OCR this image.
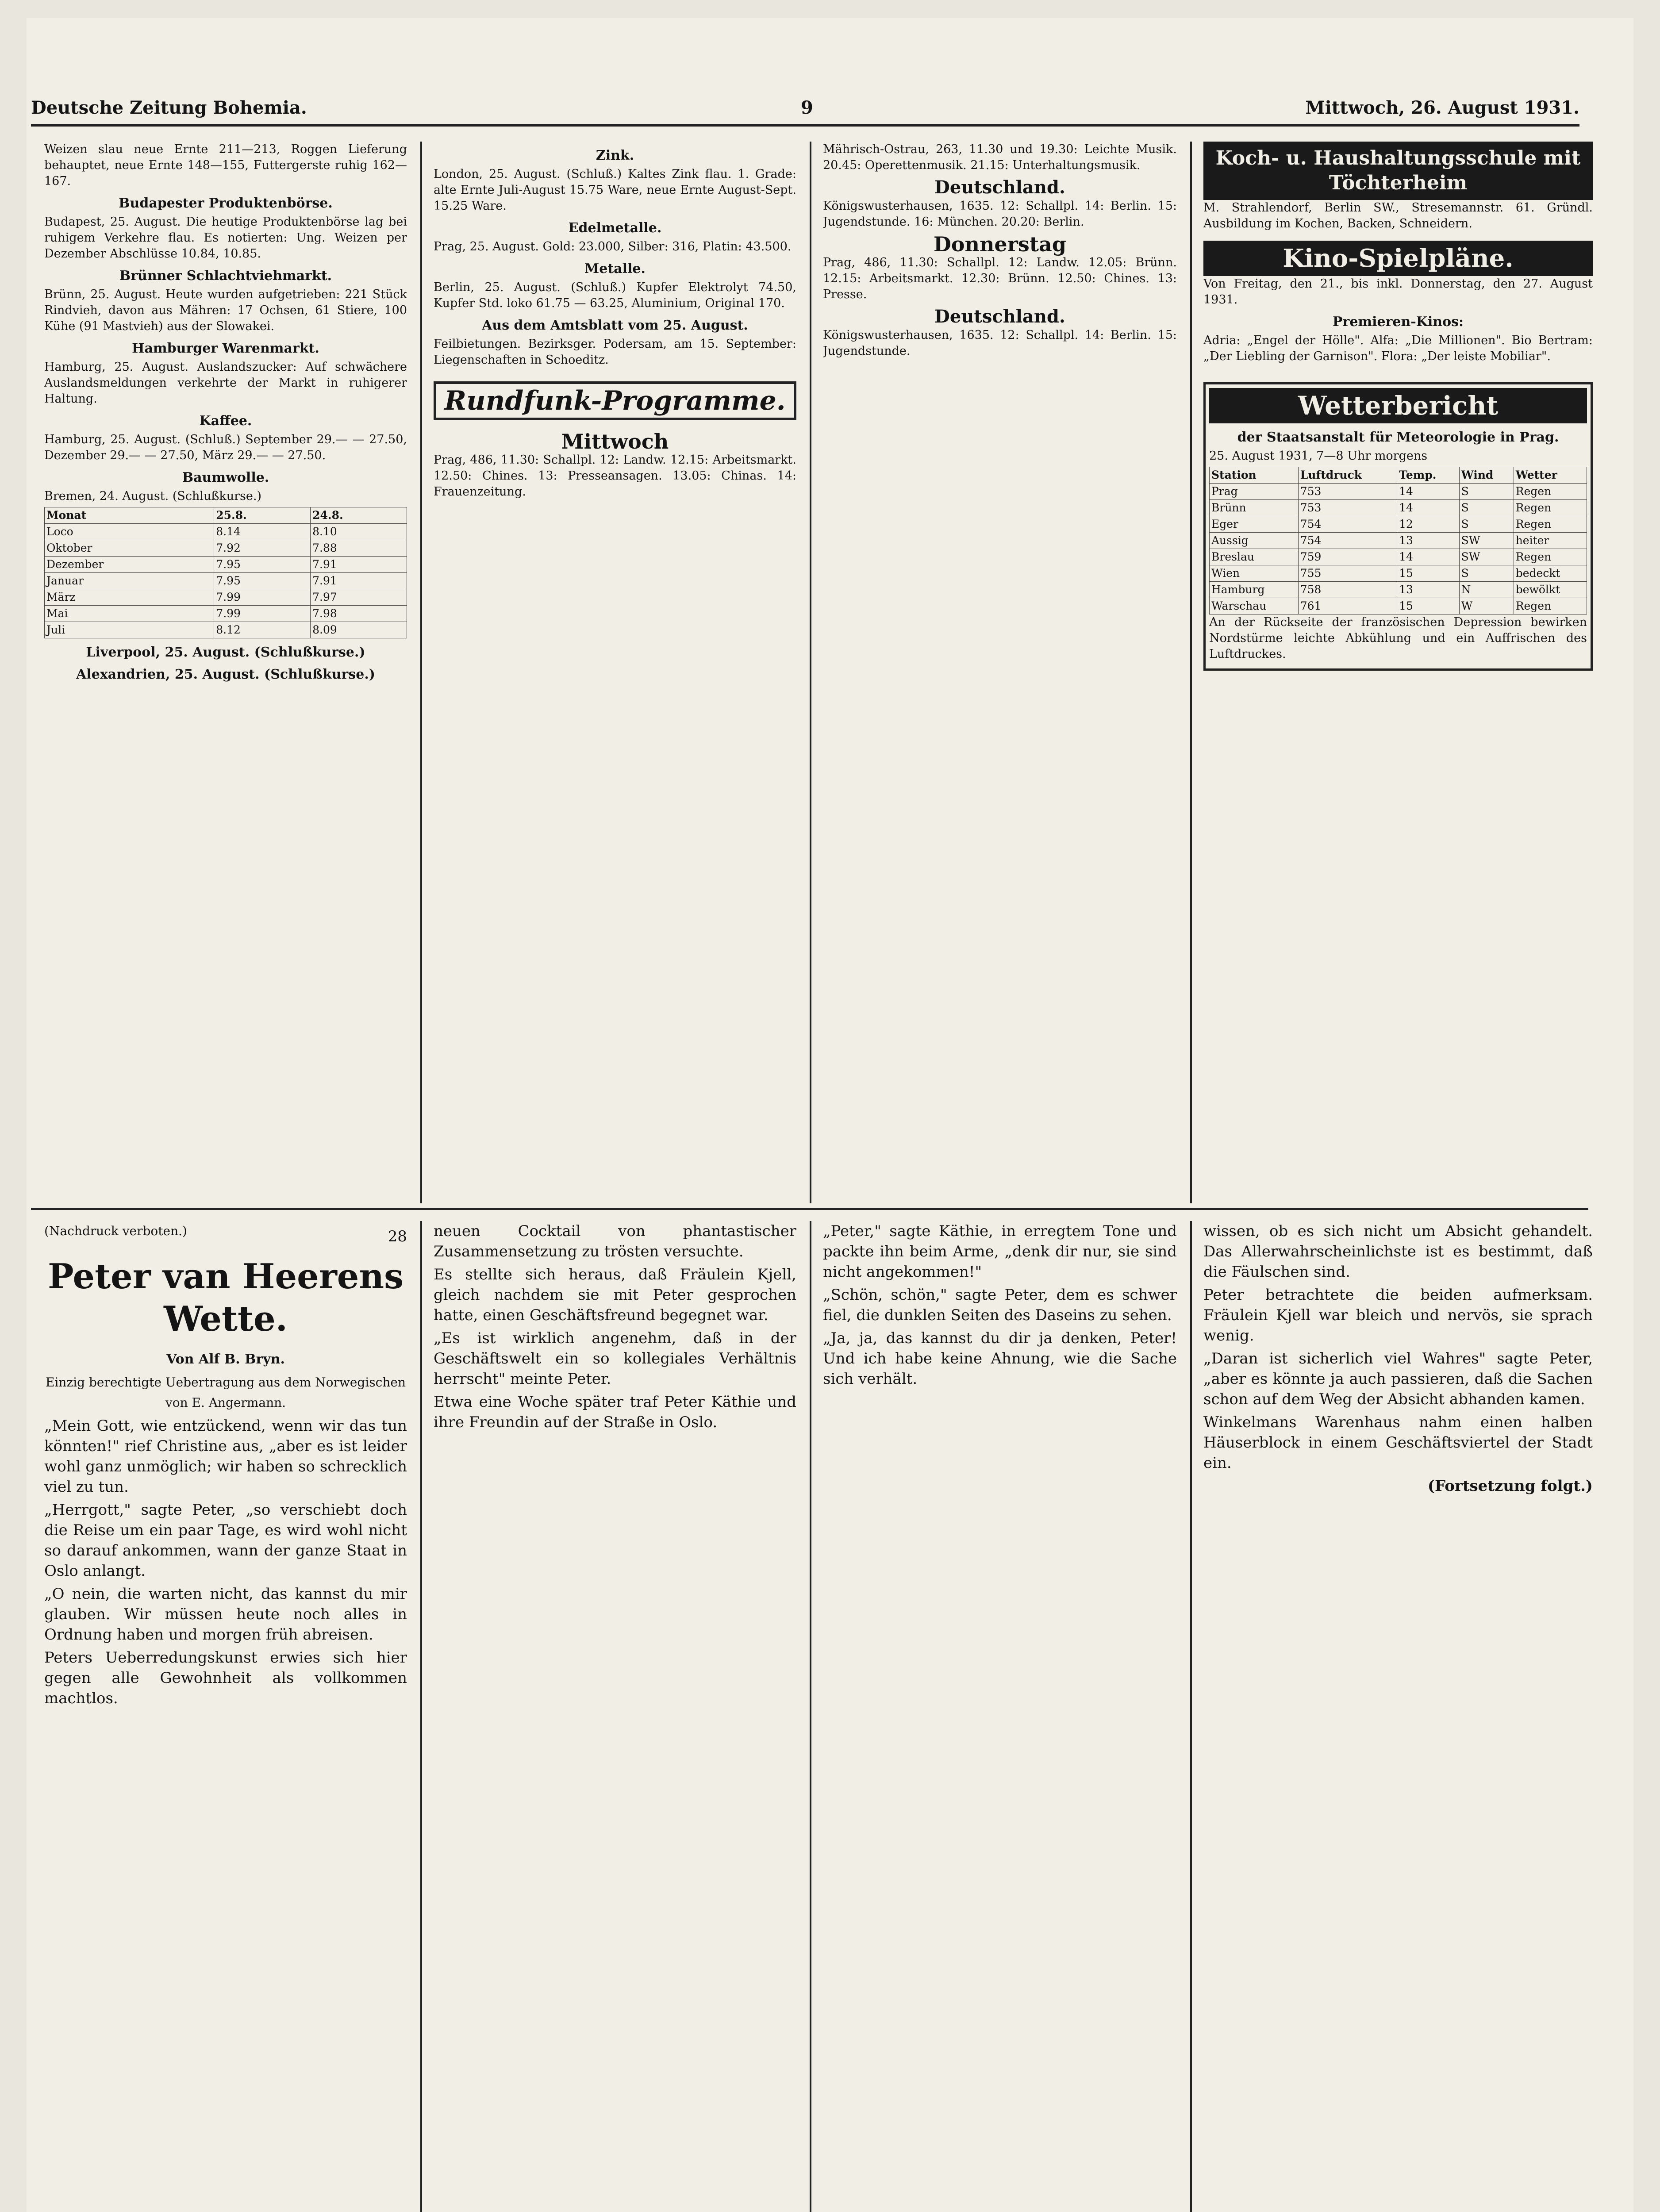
Deutsche Zeitung Bohemia.	9	Mittwoch, 26. August 1931.

Weizen slau neue Ernte 211—213, Roggen Lieferung behauptet, neue Ernte 148—155, Futtergerste ruhig 162—167.

Budapester Produktenbörse.

Budapest, 25. August. Die heutige Produktenbörse lag bei ruhigem Verkehre flau. Es notierten: Ung. Weizen per Dezember Abschlüsse 10.84, 10.85.

Brünner Schlachtviehmarkt.

Brünn, 25. August. Heute wurden aufgetrieben: 221 Stück Rindvieh, davon aus Mähren: 17 Ochsen, 61 Stiere, 100 Kühe (91 Mastvieh) aus der Slowakei.

Hamburger Warenmarkt.

Hamburg, 25. August. Auslandszucker: Auf schwächere Auslandsmeldungen verkehrte der Markt in ruhigerer Haltung.

Kaffee.

Hamburg, 25. August. (Schluß.) September 29.— — 27.50, Dezember 29.— — 27.50, März 29.— — 27.50.

Baumwolle.

Bremen, 24. August. (Schlußkurse.)

Monat	25.8.	24.8.
Loco	8.14	8.10
Oktober	7.92	7.88
Dezember	7.95	7.91
Januar	7.95	7.91
März	7.99	7.97
Mai	7.99	7.98
Juli	8.12	8.09
Liverpool, 25. August. (Schlußkurse.)
Alexandrien, 25. August. (Schlußkurse.)
Zink.

London, 25. August. (Schluß.) Kaltes Zink flau. 1. Grade: alte Ernte Juli-August 15.75 Ware, neue Ernte August-Sept. 15.25 Ware.

Edelmetalle.

Prag, 25. August. Gold: 23.000, Silber: 316, Platin: 43.500.

Metalle.

Berlin, 25. August. (Schluß.) Kupfer Elektrolyt 74.50, Kupfer Std. loko 61.75 — 63.25, Aluminium, Original 170.

Aus dem Amtsblatt vom 25. August.

Feilbietungen. Bezirksger. Podersam, am 15. September: Liegenschaften in Schoeditz.

Rundfunk-Programme.
Mittwoch

Prag, 486, 11.30: Schallpl. 12: Landw. 12.15: Arbeitsmarkt. 12.50: Chines. 13: Presseansagen. 13.05: Chinas. 14: Frauenzeitung.

Mährisch-Ostrau, 263, 11.30 und 19.30: Leichte Musik. 20.45: Operettenmusik. 21.15: Unterhaltungsmusik.

Deutschland.

Königswusterhausen, 1635. 12: Schallpl. 14: Berlin. 15: Jugendstunde. 16: München. 20.20: Berlin.

Donnerstag

Prag, 486, 11.30: Schallpl. 12: Landw. 12.05: Brünn. 12.15: Arbeitsmarkt. 12.30: Brünn. 12.50: Chines. 13: Presse.

Deutschland.

Königswusterhausen, 1635. 12: Schallpl. 14: Berlin. 15: Jugendstunde.

Koch- u. Haushaltungsschule mit Töchterheim

M. Strahlendorf, Berlin SW., Stresemannstr. 61. Gründl. Ausbildung im Kochen, Backen, Schneidern.

Kino-Spielpläne.

Von Freitag, den 21., bis inkl. Donnerstag, den 27. August 1931.

Premieren-Kinos:

Adria: „Engel der Hölle". Alfa: „Die Millionen". Bio Bertram: „Der Liebling der Garnison". Flora: „Der leiste Mobiliar".

Wetterbericht
der Staatsanstalt für Meteorologie in Prag.

25. August 1931, 7—8 Uhr morgens

Station	Luftdruck	Temp.	Wind	Wetter
Prag	753	14	S	Regen
Brünn	753	14	S	Regen
Eger	754	12	S	Regen
Aussig	754	13	SW	heiter
Breslau	759	14	SW	Regen
Wien	755	15	S	bedeckt
Hamburg	758	13	N	bewölkt
Warschau	761	15	W	Regen

An der Rückseite der französischen Depression bewirken Nordstürme leichte Abkühlung und ein Auffrischen des Luftdruckes.

(Nachdruck verboten.)	28

Peter van Heerens Wette.
Von Alf B. Bryn.

Einzig berechtigte Uebertragung aus dem Norwegischen von E. Angermann.

„Mein Gott, wie entzückend, wenn wir das tun könnten!" rief Christine aus, „aber es ist leider wohl ganz unmöglich; wir haben so schrecklich viel zu tun.

„Herrgott," sagte Peter, „so verschiebt doch die Reise um ein paar Tage, es wird wohl nicht so darauf ankommen, wann der ganze Staat in Oslo anlangt.

„O nein, die warten nicht, das kannst du mir glauben. Wir müssen heute noch alles in Ordnung haben und morgen früh abreisen.

Peters Ueberredungskunst erwies sich hier gegen alle Gewohnheit als vollkommen machtlos.

neuen Cocktail von phantastischer Zusammensetzung zu trösten versuchte.

Es stellte sich heraus, daß Fräulein Kjell, gleich nachdem sie mit Peter gesprochen hatte, einen Geschäftsfreund begegnet war.

„Es ist wirklich angenehm, daß in der Geschäftswelt ein so kollegiales Verhältnis herrscht" meinte Peter.

Etwa eine Woche später traf Peter Käthie und ihre Freundin auf der Straße in Oslo.

„Peter," sagte Käthie, in erregtem Tone und packte ihn beim Arme, „denk dir nur, sie sind nicht angekommen!"

„Schön, schön," sagte Peter, dem es schwer fiel, die dunklen Seiten des Daseins zu sehen.

„Ja, ja, das kannst du dir ja denken, Peter! Und ich habe keine Ahnung, wie die Sache sich verhält.

wissen, ob es sich nicht um Absicht gehandelt. Das Allerwahrscheinlichste ist es bestimmt, daß die Fäulschen sind.

Peter betrachtete die beiden aufmerksam. Fräulein Kjell war bleich und nervös, sie sprach wenig.

„Daran ist sicherlich viel Wahres" sagte Peter, „aber es könnte ja auch passieren, daß die Sachen schon auf dem Weg der Absicht abhanden kamen.

Winkelmans Warenhaus nahm einen halben Häuserblock in einem Geschäftsviertel der Stadt ein.

(Fortsetzung folgt.)
